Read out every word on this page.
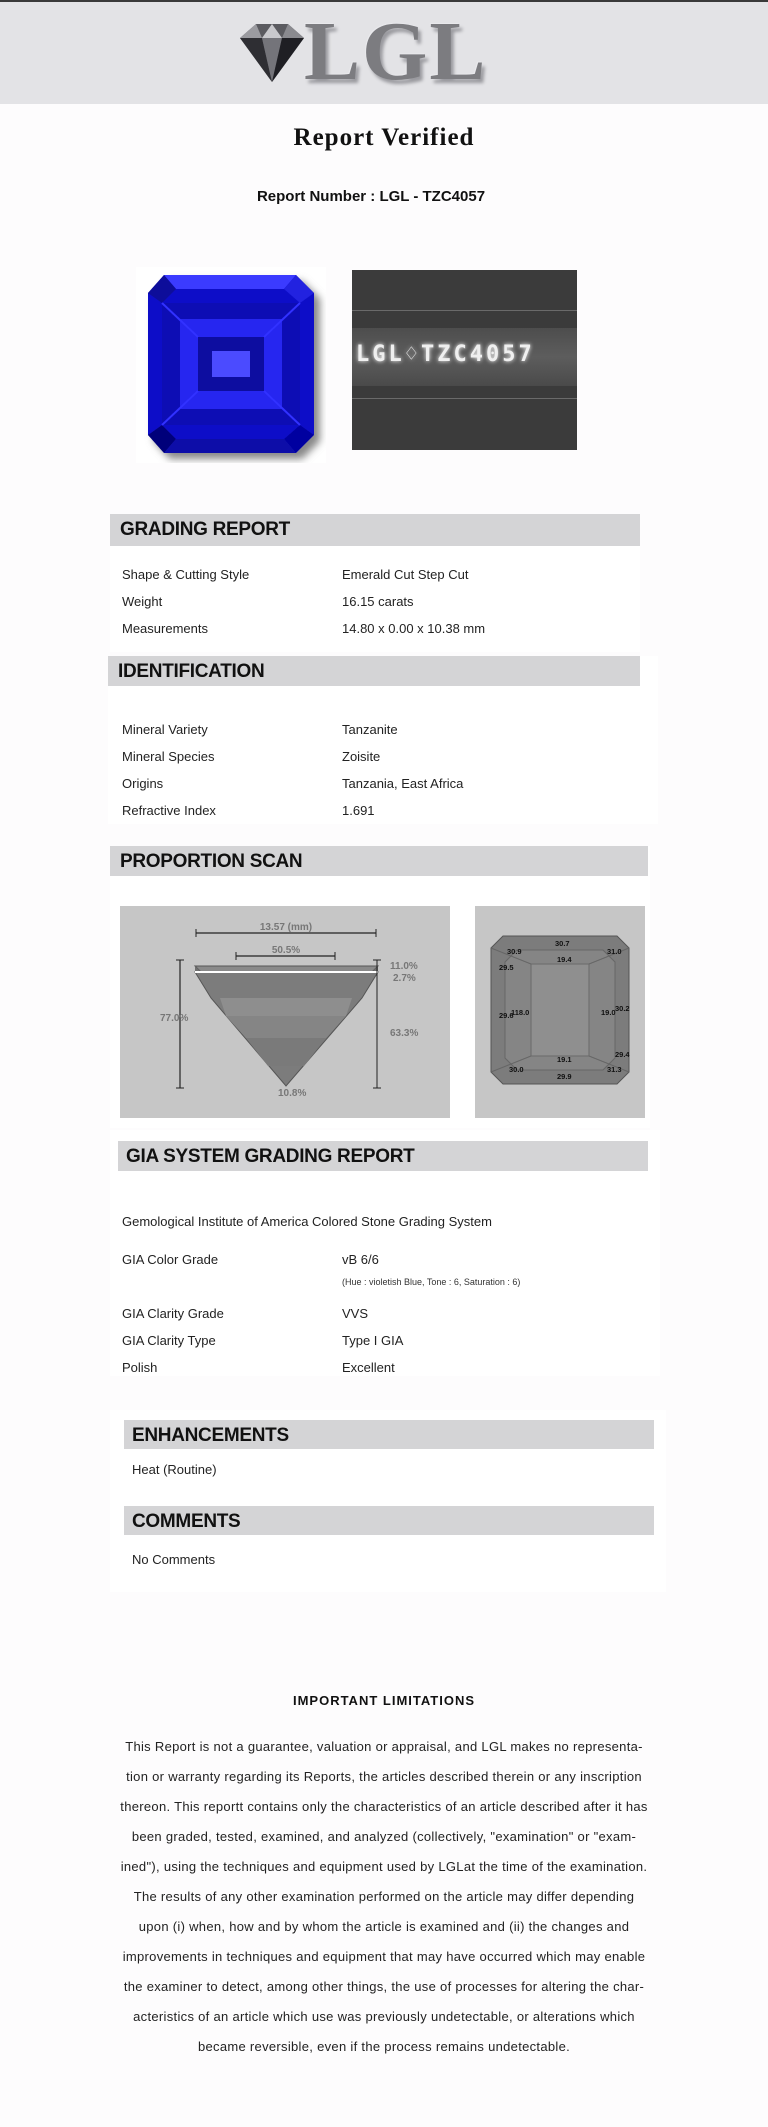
LGL
Report Verified
Report Number : LGL - TZC4057
LGL♢TZC4057
GRADING REPORT
Shape & Cutting Style	Emerald Cut Step Cut
Weight	16.15 carats
Measurements	14.80 x 0.00 x 10.38 mm
IDENTIFICATION
Mineral Variety	Tanzanite
Mineral Species	Zoisite
Origins	Tanzania, East Africa
Refractive Index	1.691
PROPORTION SCAN
13.57 (mm)
50.5%
77.0%
11.0%
2.7%
63.3%
10.8%
30.9
30.7
31.0
29.5
19.4
29.6
118.0	19.0 30.2
19.1
29.4
30.0
29.9
31.3
GIA SYSTEM GRADING REPORT
Gemological Institute of America Colored Stone Grading System
GIA Color Grade	vB 6/6
(Hue : violetish Blue, Tone : 6, Saturation : 6)
GIA Clarity Grade	VVS
GIA Clarity Type	Type I GIA
Polish	Excellent
ENHANCEMENTS
Heat (Routine)
COMMENTS
No Comments
IMPORTANT LIMITATIONS

This Report is not a guarantee, valuation or appraisal, and LGL makes no representa-

tion or warranty regarding its Reports, the articles described therein or any inscription

thereon. This reportt contains only the characteristics of an article described after it has

been graded, tested, examined, and analyzed (collectively, "examination" or "exam-

ined"), using the techniques and equipment used by LGLat the time of the examination.

The results of any other examination performed on the article may differ depending

upon (i) when, how and by whom the article is examined and (ii) the changes and

improvements in techniques and equipment that may have occurred which may enable

the examiner to detect, among other things, the use of processes for altering the char-

acteristics of an article which use was previously undetectable, or alterations which

became reversible, even if the process remains undetectable.
